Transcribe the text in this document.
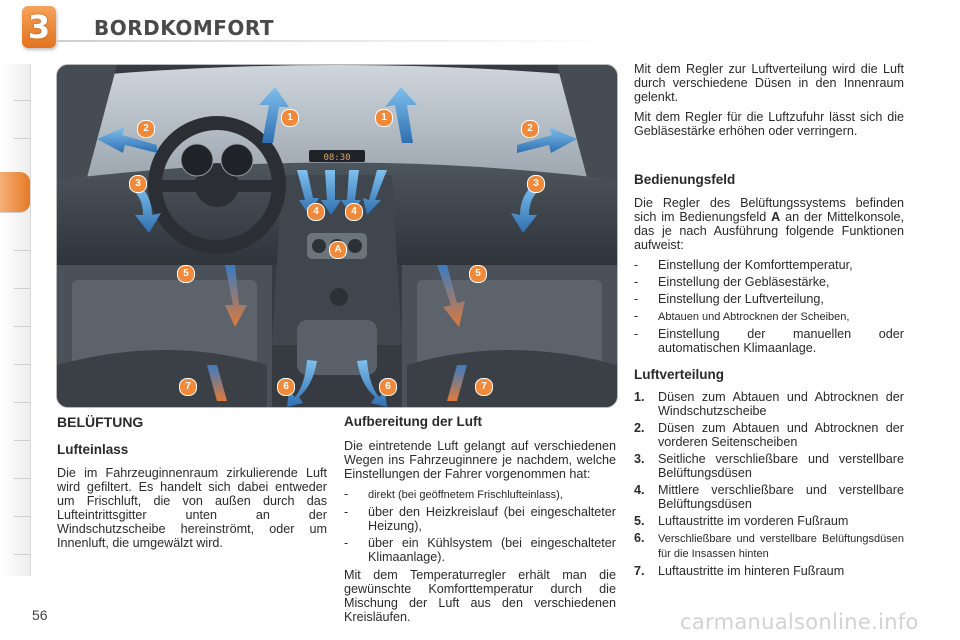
3 BORDKOMFORT
08:30
1	1
2	2
3	3
4	4
A
5	5
6	6
7	7
BELÜFTUNG
Lufteinlass
Die im Fahrzeuginnenraum zirkulierende Luft wird gefiltert. Es handelt sich dabei entweder um Frischluft, die von außen durch das Lufteintrittsgitter unten an der Windschutzscheibe hereinströmt, oder um Innenluft, die umgewälzt wird.
Aufbereitung der Luft
Die eintretende Luft gelangt auf verschiedenen Wegen ins Fahrzeuginnere je nachdem, welche Einstellungen der Fahrer vorgenommen hat:
- direkt (bei geöffnetem Frischlufteinlass),
- über den Heizkreislauf (bei eingeschalteter Heizung),
- über ein Kühlsystem (bei eingeschalteter Klimaanlage).
Mit dem Temperaturregler erhält man die gewünschte Komforttemperatur durch die Mischung der Luft aus den verschiedenen Kreisläufen.
Mit dem Regler zur Luftverteilung wird die Luft durch verschiedene Düsen in den Innenraum gelenkt.
Mit dem Regler für die Luftzufuhr lässt sich die Gebläsestärke erhöhen oder verringern.
Bedienungsfeld
Die Regler des Belüftungssystems befinden sich im Bedienungsfeld A an der Mittelkonsole, das je nach Ausführung folgende Funktionen aufweist:
- Einstellung der Komforttemperatur,
- Einstellung der Gebläsestärke,
- Einstellung der Luftverteilung,
- Abtauen und Abtrocknen der Scheiben,
- Einstellung der manuellen oder automatischen Klimaanlage.
Luftverteilung
1. Düsen zum Abtauen und Abtrocknen der Windschutzscheibe
2. Düsen zum Abtauen und Abtrocknen der vorderen Seitenscheiben
3. Seitliche verschließbare und verstellbare Belüftungsdüsen
4. Mittlere verschließbare und verstellbare Belüftungsdüsen
5. Luftaustritte im vorderen Fußraum
6. Verschließbare und verstellbare Belüftungsdüsen für die Insassen hinten
7. Luftaustritte im hinteren Fußraum
56	carmanualsonline.info
